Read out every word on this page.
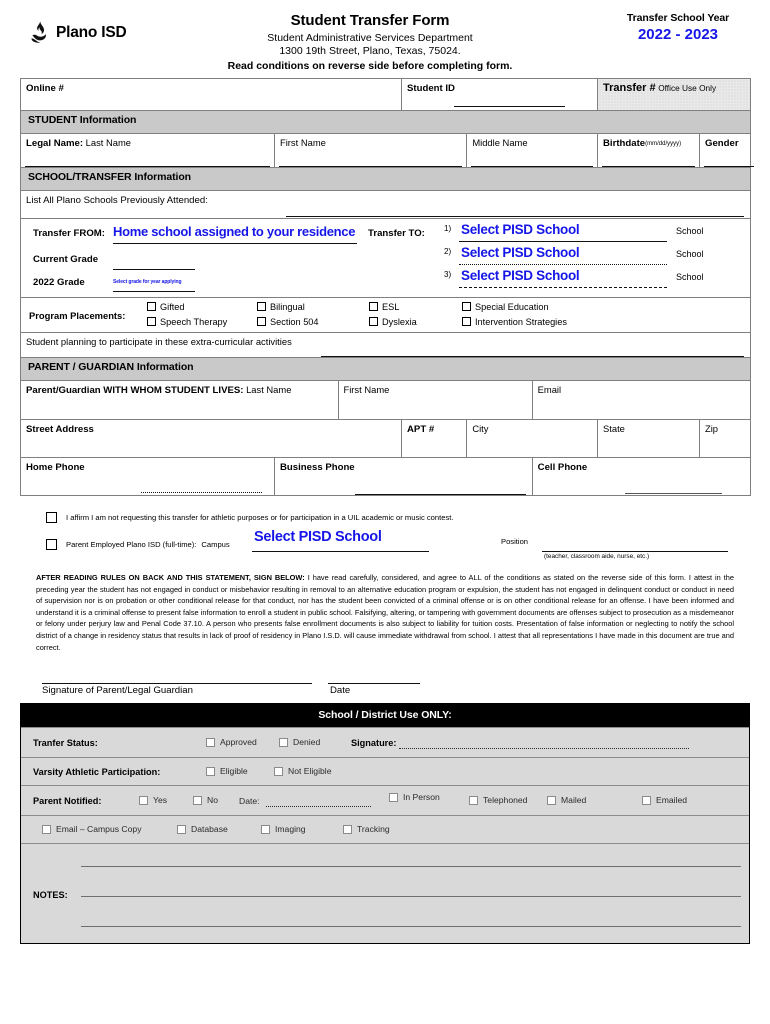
Plano ISD
Student Transfer Form
Student Administrative Services Department
1300 19th Street, Plano, Texas, 75024.
Read conditions on reverse side before completing form.
Transfer School Year
2022 - 2023
Online #			Student ID			Transfer # Office Use Only	
STUDENT Information							
Legal Name: Last Name	First Name			Middle Name		Birthdate(mm/dd/yyyy)	Gender

SCHOOL/TRANSFER Information							
List All Plano Schools Previously Attended:							

Transfer FROM: Home school assigned to your residence
Current Grade
2022 Grade	Select grade for year applying
Transfer TO: 1) Select PISD School	School
2) Select PISD School	School
3) Select PISD School	School

Program Placements:
Gifted	Bilingual	ESL	Special Education
Speech Therapy	Section 504	Dyslexia	Intervention Strategies

Student planning to participate in these extra-curricular activities							

PARENT / GUARDIAN Information							
Parent/Guardian WITH WHOM STUDENT LIVES: Last Name		First Name			Email		
Street Address			APT #	City		State	Zip
Home Phone	Business Phone				Cell Phone		
I affirm I am not requesting this transfer for athletic purposes or for participation in a UIL academic or music contest.
Parent Employed Plano ISD (full-time): Campus Select PISD School	Position
(teacher, classroom aide, nurse, etc.)
AFTER READING RULES ON BACK AND THIS STATEMENT, SIGN BELOW: I have read carefully, considered, and agree to ALL of the conditions as stated on the reverse side of this form. I attest in the preceding year the student has not engaged in conduct or misbehavior resulting in removal to an alternative education program or expulsion, the student has not engaged in delinquent conduct or conduct in need of supervision nor is on probation or other conditional release for that conduct, nor has the student been convicted of a criminal offense or is on other conditional release for an offense. I have been informed and understand it is a criminal offense to present false information to enroll a student in public school. Falsifying, altering, or tampering with government documents are offenses subject to prosecution as a misdemeanor or felony under perjury law and Penal Code 37.10. A person who presents false enrollment documents is also subject to liability for tuition costs. Presentation of false information or neglecting to notify the school district of a change in residency status that results in lack of proof of residency in Plano I.S.D. will cause immediate withdrawal from school. I attest that all representations I have made in this document are true and correct.
Signature of Parent/Legal Guardian	Date
School / District Use ONLY:
Tranfer Status:	Approved	Denied	Signature:
Varsity Athletic Participation:	Eligible	Not Eligible
Parent Notified:	Yes	No Date:	In Person	Telephoned	Mailed	Emailed
Email – Campus Copy	Database	Imaging	Tracking
NOTES:
